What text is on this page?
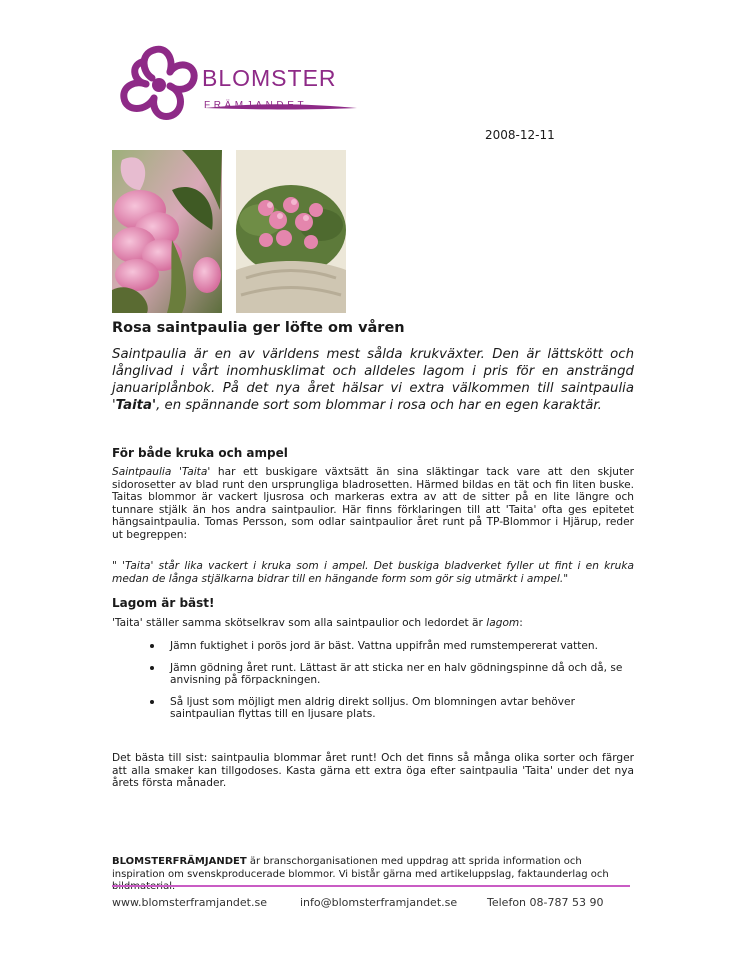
BLOMSTER
FRÄMJANDET
2008-12-11
Rosa saintpaulia ger löfte om våren
Saintpaulia är en av världens mest sålda krukväxter. Den är lättskött och långlivad i vårt inomhusklimat och alldeles lagom i pris för en ansträngd januariplånbok. På det nya året hälsar vi extra välkommen till saintpaulia 'Taita', en spännande sort som blommar i rosa och har en egen karaktär.
För både kruka och ampel
Saintpaulia 'Taita' har ett buskigare växtsätt än sina släktingar tack vare att den skjuter sidorosetter av blad runt den ursprungliga bladrosetten. Härmed bildas en tät och fin liten buske. Taitas blommor är vackert ljusrosa och markeras extra av att de sitter på en lite längre och tunnare stjälk än hos andra saintpaulior. Här finns förklaringen till att 'Taita' ofta ges epitetet hängsaintpaulia. Tomas Persson, som odlar saintpaulior året runt på TP-Blommor i Hjärup, reder ut begreppen:
" 'Taita' står lika vackert i kruka som i ampel. Det buskiga bladverket fyller ut fint i en kruka medan de långa stjälkarna bidrar till en hängande form som gör sig utmärkt i ampel."
Lagom är bäst!
'Taita' ställer samma skötselkrav som alla saintpaulior och ledordet är lagom:
Jämn fuktighet i porös jord är bäst. Vattna uppifrån med rumstempererat vatten.
Jämn gödning året runt. Lättast är att sticka ner en halv gödningspinne då och då, se anvisning på förpackningen.
Så ljust som möjligt men aldrig direkt solljus. Om blomningen avtar behöver saintpaulian flyttas till en ljusare plats.
Det bästa till sist: saintpaulia blommar året runt! Och det finns så många olika sorter och färger att alla smaker kan tillgodoses. Kasta gärna ett extra öga efter saintpaulia 'Taita' under det nya årets första månader.
BLOMSTERFRÄMJANDET är branschorganisationen med uppdrag att sprida information och inspiration om svenskproducerade blommor. Vi bistår gärna med artikeluppslag, faktaunderlag och
www.blomsterframjandet.se	info@blomsterframjandet.se	Telefon 08-787 53 90
